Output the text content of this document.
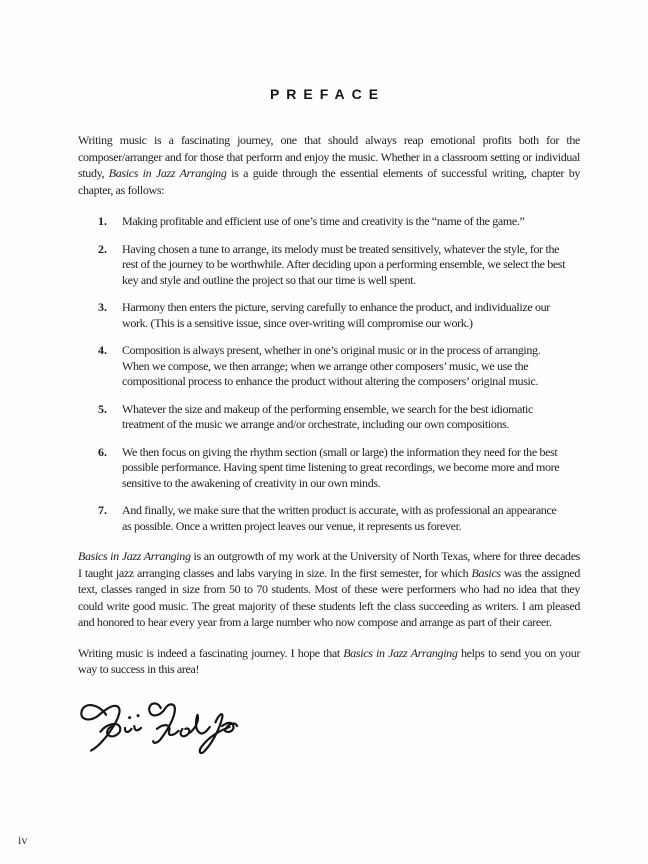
PREFACE

Writing music is a fascinating journey, one that should always reap emotional profits both for the composer/arranger and for those that perform and enjoy the music. Whether in a classroom setting or individual study, Basics in Jazz Arranging is a guide through the essential elements of successful writing, chapter by chapter, as follows:

1.	Making profitable and efficient use of one’s time and creativity is the “name of the game.”
2.	Having chosen a tune to arrange, its melody must be treated sensitively, whatever the style, for the rest of the journey to be worthwhile. After deciding upon a performing ensemble, we select the best key and style and outline the project so that our time is well spent.
3.	Harmony then enters the picture, serving carefully to enhance the product, and individualize our work. (This is a sensitive issue, since over-writing will compromise our work.)
4.	Composition is always present, whether in one’s original music or in the process of arranging. When we compose, we then arrange; when we arrange other composers’ music, we use the compositional process to enhance the product without altering the composers’ original music.
5.	Whatever the size and makeup of the performing ensemble, we search for the best idiomatic treatment of the music we arrange and/or orchestrate, including our own compositions.
6.	We then focus on giving the rhythm section (small or large) the information they need for the best possible performance. Having spent time listening to great recordings, we become more and more sensitive to the awakening of creativity in our own minds.
7.	And finally, we make sure that the written product is accurate, with as professional an appearance as possible. Once a written project leaves our venue, it represents us forever.

Basics in Jazz Arranging is an outgrowth of my work at the University of North Texas, where for three decades I taught jazz arranging classes and labs varying in size. In the first semester, for which Basics was the assigned text, classes ranged in size from 50 to 70 students. Most of these were performers who had no idea that they could write good music. The great majority of these students left the class succeeding as writers. I am pleased and honored to hear every year from a large number who now compose and arrange as part of their career.

Writing music is indeed a fascinating journey. I hope that Basics in Jazz Arranging helps to send you on your way to success in this area!

iv
